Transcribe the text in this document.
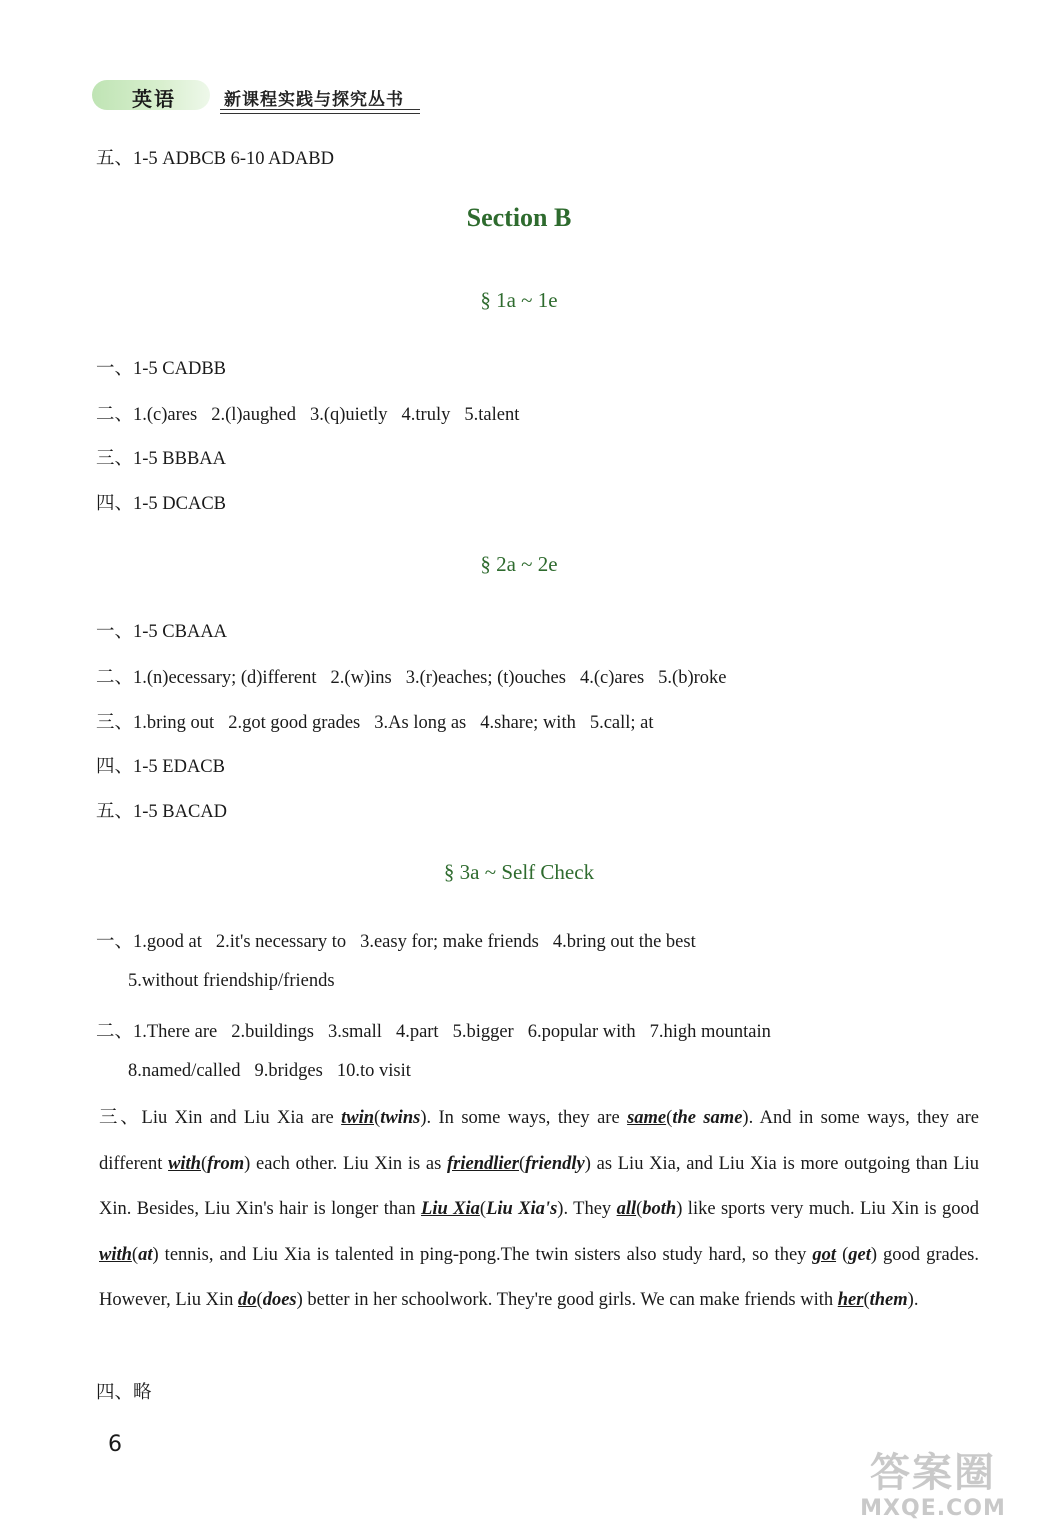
英语	新课程实践与探究丛书
五、1-5 ADBCB 6-10 ADABD
Section B
§ 1a ~ 1e
一、1-5 CADBB
二、1.(c)ares 2.(l)aughed 3.(q)uietly 4.truly 5.talent
三、1-5 BBBAA
四、1-5 DCACB
§ 2a ~ 2e
一、1-5 CBAAA
二、1.(n)ecessary; (d)ifferent 2.(w)ins 3.(r)eaches; (t)ouches 4.(c)ares 5.(b)roke
三、1.bring out 2.got good grades 3.As long as 4.share; with 5.call; at
四、1-5 EDACB
五、1-5 BACAD
§ 3a ~ Self Check
一、1.good at 2.it's necessary to 3.easy for; make friends 4.bring out the best
5.without friendship/friends
二、1.There are 2.buildings 3.small 4.part 5.bigger 6.popular with 7.high mountain
8.named/called 9.bridges 10.to visit
三、Liu Xin and Liu Xia are twin(twins). In some ways, they are same(the same). And in some ways, they are different with(from) each other. Liu Xin is as friendlier(friendly) as Liu Xia, and Liu Xia is more outgoing than Liu Xin. Besides, Liu Xin's hair is longer than Liu Xia(Liu Xia's). They all(both) like sports very much. Liu Xin is good with(at) tennis, and Liu Xia is talented in ping-pong.The twin sisters also study hard, so they got (get) good grades. However, Liu Xin do(does) better in her schoolwork. They're good girls. We can make friends with her(them).
四、略
6
答案圈
MXQE.COM
